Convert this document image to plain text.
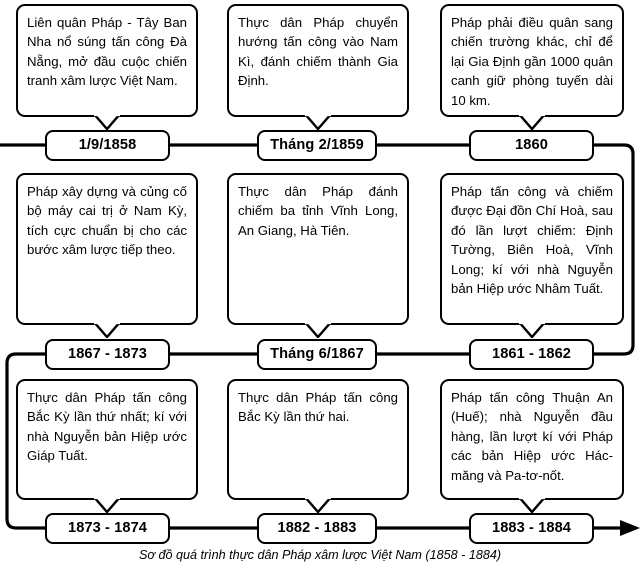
Liên quân Pháp - Tây Ban Nha nổ súng tấn công Đà Nẵng, mở đầu cuộc chiến tranh xâm lược Việt Nam.
Thực dân Pháp chuyển hướng tấn công vào Nam Kì, đánh chiếm thành Gia Định.
Pháp phải điều quân sang chiến trường khác, chỉ để lại Gia Định gần 1000 quân canh giữ phòng tuyến dài 10 km.
1/9/1858	Tháng 2/1859	1860
Pháp xây dựng và củng cố bộ máy cai trị ở Nam Kỳ, tích cực chuẩn bị cho các bước xâm lược tiếp theo.
Thực dân Pháp đánh chiếm ba tỉnh Vĩnh Long, An Giang, Hà Tiên.
Pháp tấn công và chiếm được Đại đồn Chí Hoà, sau đó lần lượt chiếm: Định Tường, Biên Hoà, Vĩnh Long; kí với nhà Nguyễn bản Hiệp ước Nhâm Tuất.
1867 - 1873	Tháng 6/1867	1861 - 1862
Thực dân Pháp tấn công Bắc Kỳ lần thứ nhất; kí với nhà Nguyễn bản Hiệp ước Giáp Tuất.
Thực dân Pháp tấn công Bắc Kỳ lần thứ hai.
Pháp tấn công Thuận An (Huế); nhà Nguyễn đầu hàng, lần lượt kí với Pháp các bản Hiệp ước Hác-măng và Pa-tơ-nốt.
1873 - 1874	1882 - 1883	1883 - 1884
Sơ đồ quá trình thực dân Pháp xâm lược Việt Nam (1858 - 1884)
